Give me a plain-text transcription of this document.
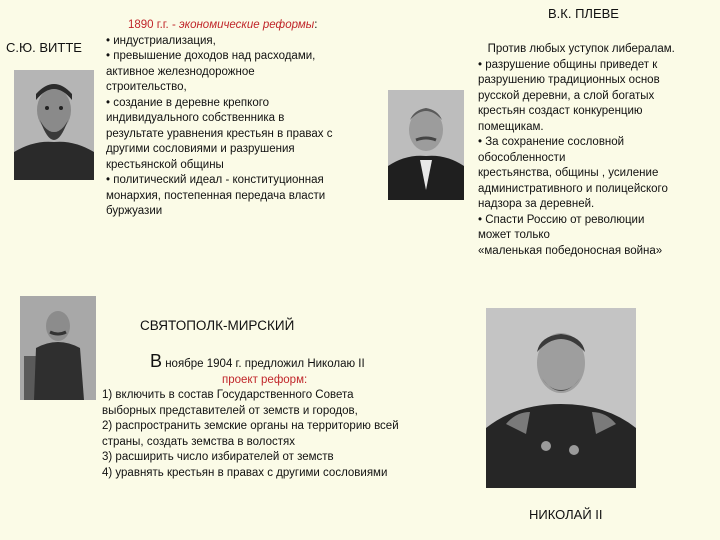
С.Ю. ВИТТЕ

1890 г.г. - экономические реформы:

• индустриализация,

• превышение доходов над расходами,

активное железнодорожное

строительство,

• создание в деревне крепкого

индивидуального собственника в

результате уравнения крестьян в правах с

другими сословиями и разрушения

крестьянской общины

• политический идеал - конституционная

монархия, постепенная передача власти

буржуазии

В.К. ПЛЕВЕ

Против любых уступок либералам.

• разрушение общины приведет к

разрушению традиционных основ

русской деревни, а слой богатых

крестьян создаст конкуренцию

помещикам.

• За сохранение сословной

обособленности

крестьянства, общины , усиление

административного и полицейского

надзора за деревней.

• Спасти Россию от революции

может только

«маленькая победоносная война»

СВЯТОПОЛК-МИРСКИЙ

В ноябре 1904 г. предложил Николаю II

проект реформ:

1) включить в состав Государственного Совета

выборных представителей от земств и городов,

2) распространить земские органы на территорию всей

страны, создать земства в волостях

3) расширить число избирателей от земств

4) уравнять крестьян в правах с другими сословиями

НИКОЛАЙ II
